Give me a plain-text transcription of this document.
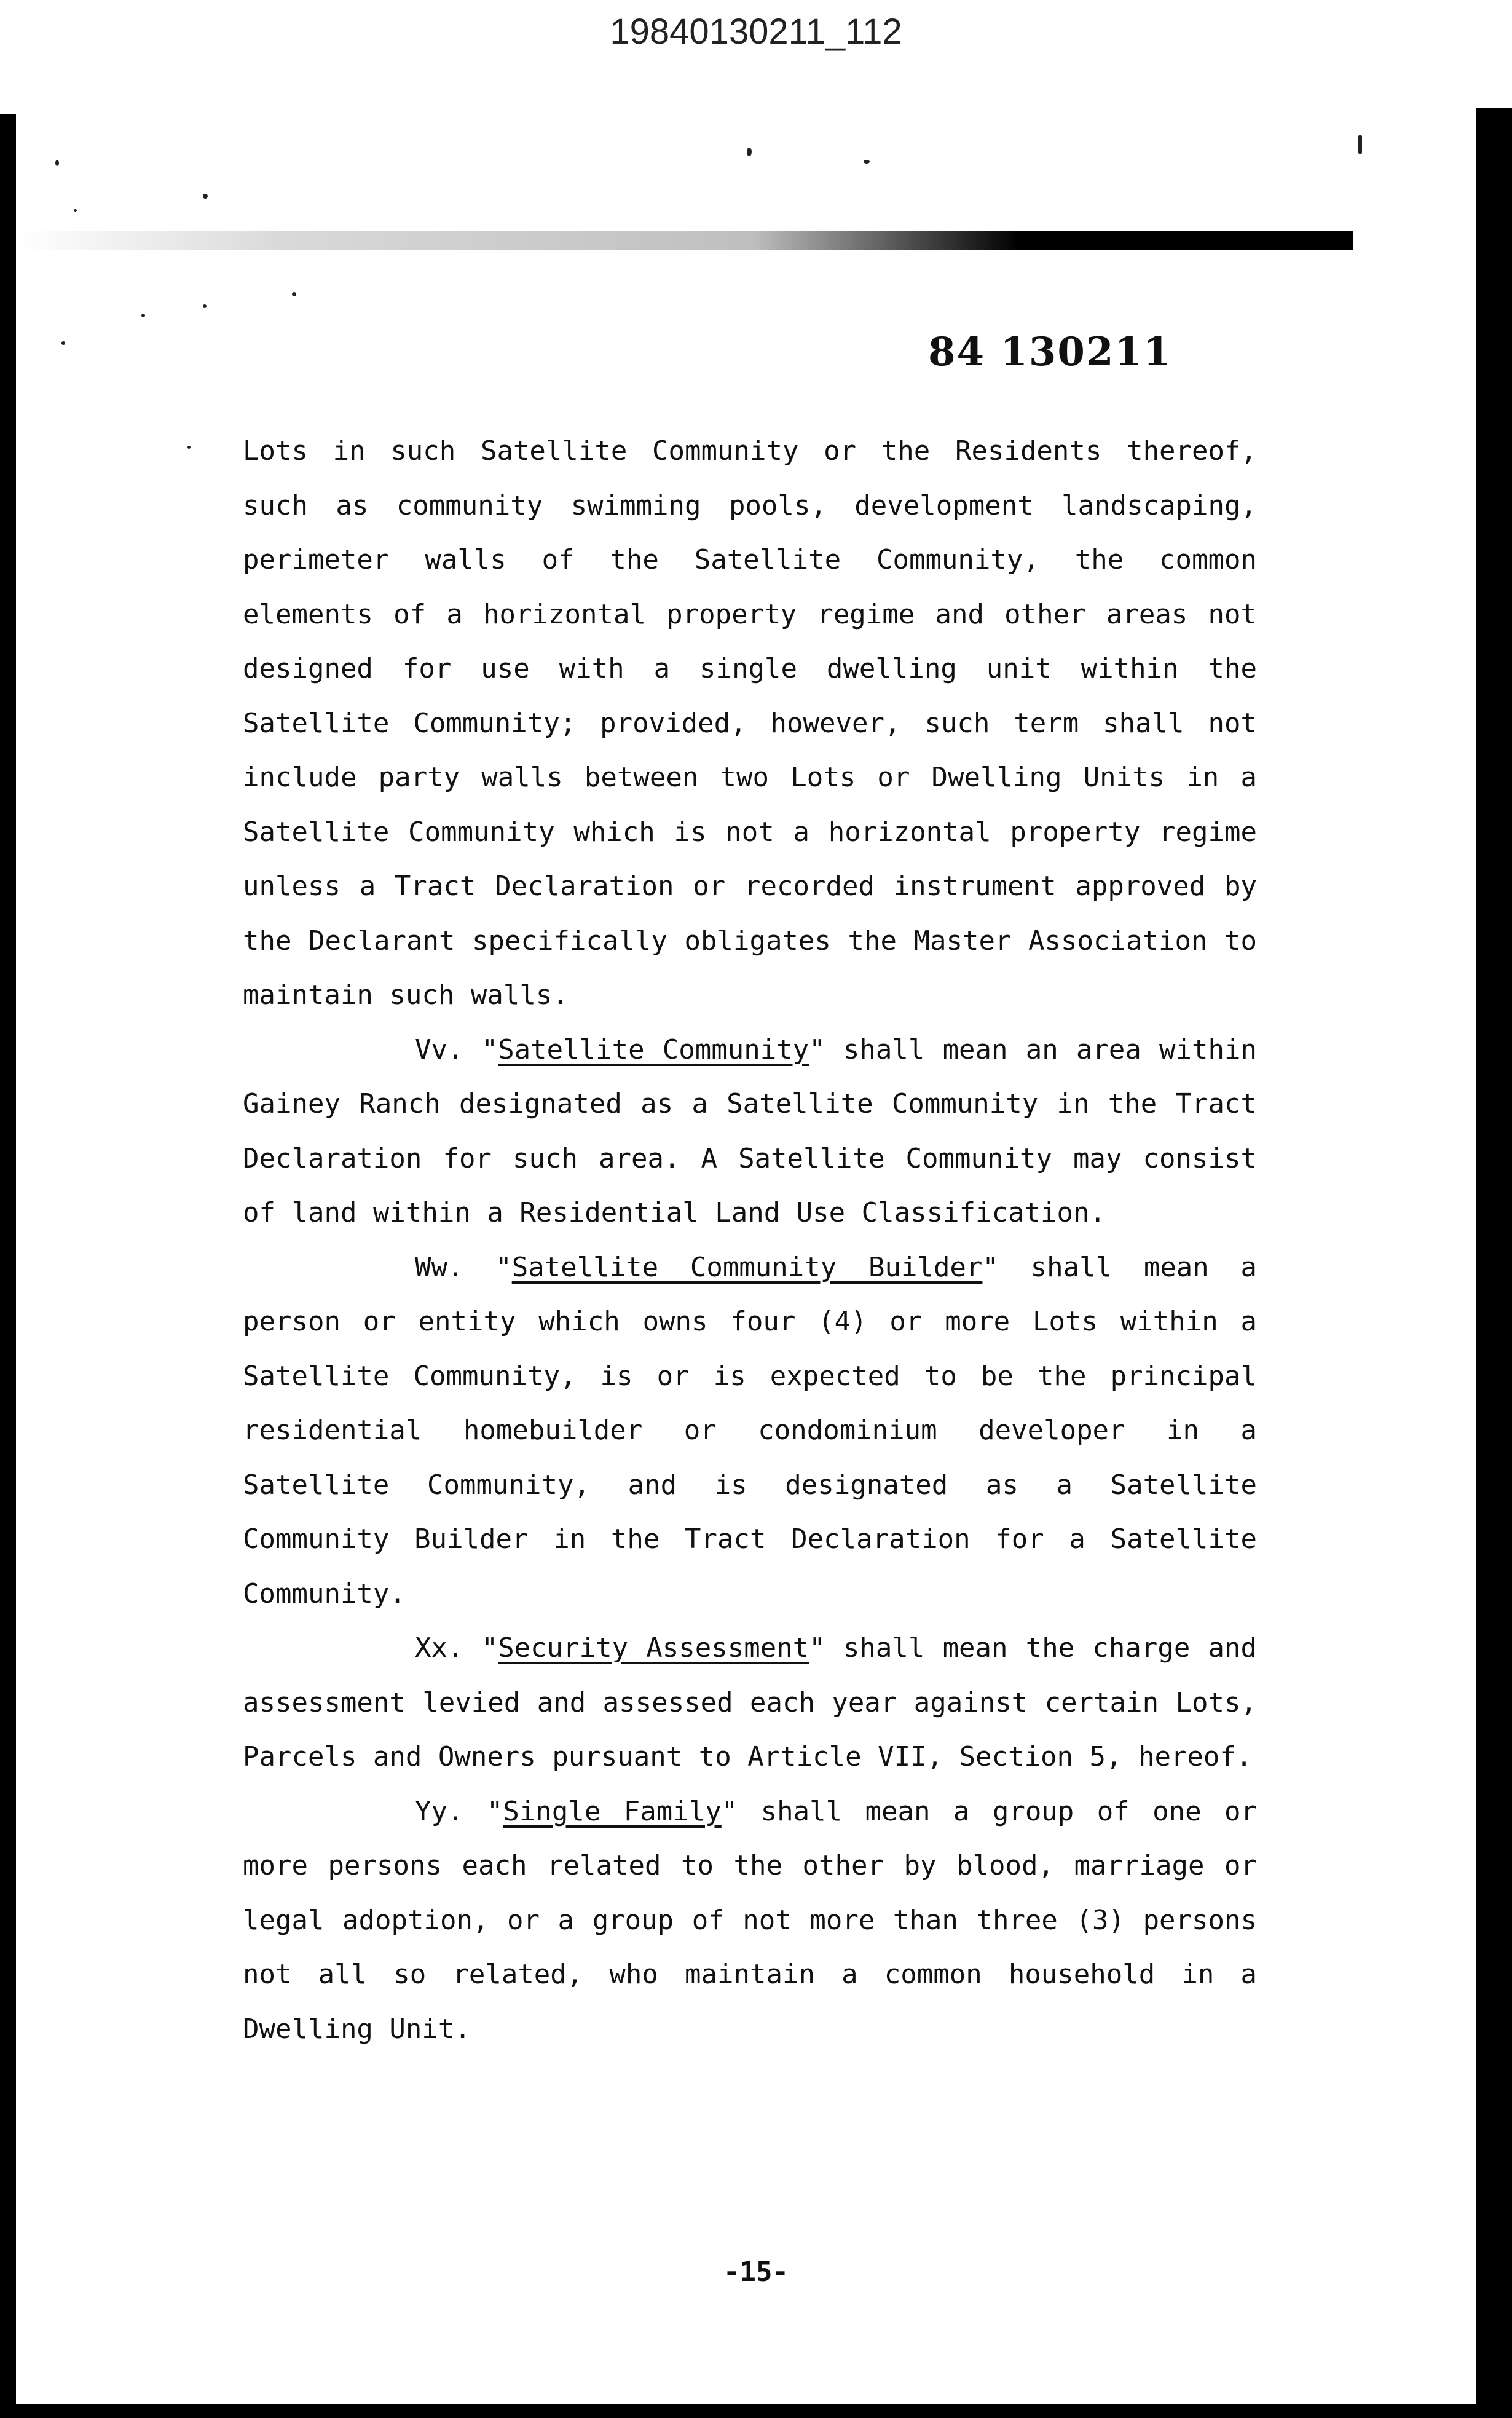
19840130211_112
84 130211

Lots in such Satellite Community or the Residents thereof, such as community swimming pools, development landscaping, perimeter walls of the Satellite Community, the common elements of a horizontal property regime and other areas not designed for use with a single dwelling unit within the Satellite Community; provided, however, such term shall not include party walls between two Lots or Dwelling Units in a Satellite Community which is not a horizontal property regime unless a Tract Declaration or recorded instrument approved by the Declarant specifically obligates the Master Association to maintain such walls.

Vv. "Satellite Community" shall mean an area within Gainey Ranch designated as a Satellite Community in the Tract Declaration for such area. A Satellite Community may consist of land within a Residential Land Use Classification.

Ww. "Satellite Community Builder" shall mean a person or entity which owns four (4) or more Lots within a Satellite Community, is or is expected to be the principal residential homebuilder or condominium developer in a Satellite Community, and is designated as a Satellite Community Builder in the Tract Declaration for a Satellite Community.

Xx. "Security Assessment" shall mean the charge and assessment levied and assessed each year against certain Lots, Parcels and Owners pursuant to Article VII, Section 5, hereof.

Yy. "Single Family" shall mean a group of one or more persons each related to the other by blood, marriage or legal adoption, or a group of not more than three (3) persons not all so related, who maintain a common household in a Dwelling Unit.

-15-
